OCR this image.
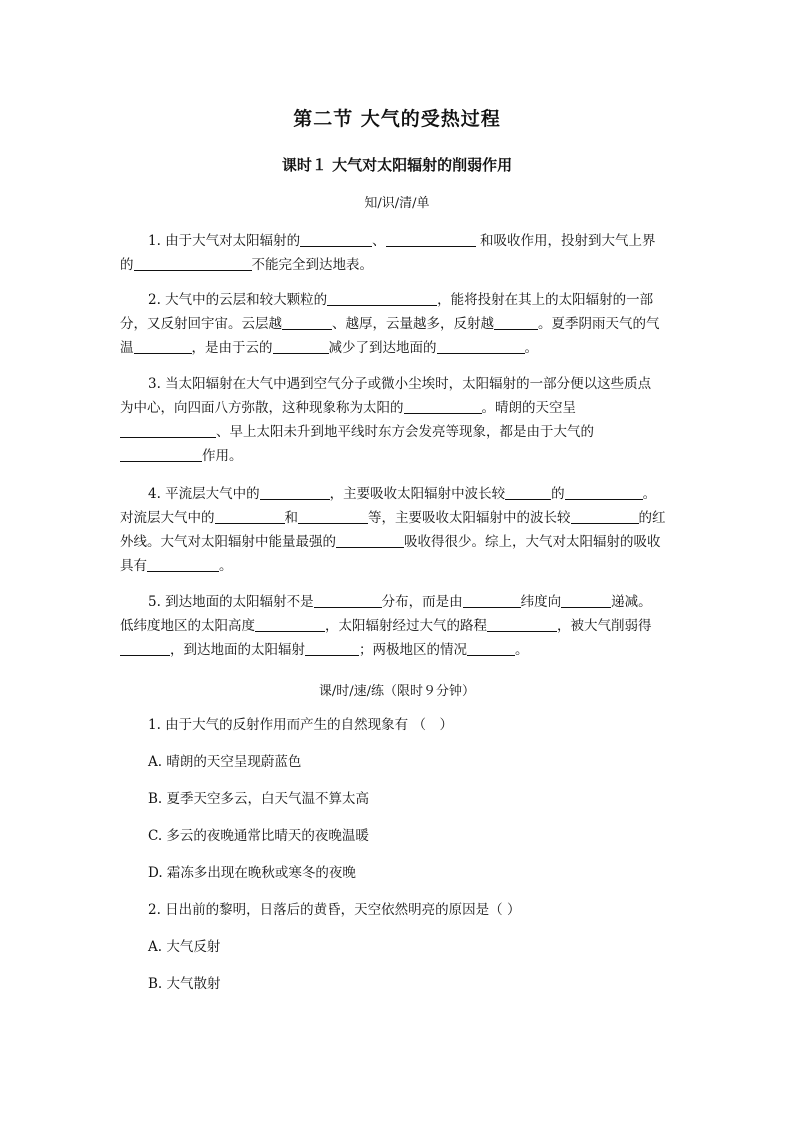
第二节 大气的受热过程
课时１ 大气对太阳辐射的削弱作用
知/识/清/单
1. 由于大气对太阳辐射的	、	和吸收作用，投射到大气上界
的	不能完全到达地表。
2. 大气中的云层和较大颗粒的	，能将投射在其上的太阳辐射的一部
分，又反射回宇宙。云层越	、越厚，云量越多，反射越	。夏季阴雨天气的气
温	，是由于云的	减少了到达地面的	。
3. 当太阳辐射在大气中遇到空气分子或微小尘埃时，太阳辐射的一部分便以这些质点
为中心，向四面八方弥散，这种现象称为太阳的	。晴朗的天空呈
、早上太阳未升到地平线时东方会发亮等现象，都是由于大气的
作用。
4. 平流层大气中的	，主要吸收太阳辐射中波长较	的	。
对流层大气中的	和	等，主要吸收太阳辐射中的波长较	的红
外线。大气对太阳辐射中能量最强的	吸收得很少。综上，大气对太阳辐射的吸收
具有	。
5. 到达地面的太阳辐射不是	分布，而是由	纬度向	递减。
低纬度地区的太阳高度	，太阳辐射经过大气的路程	，被大气削弱得
，到达地面的太阳辐射	；两极地区的情况	。
课/时/速/练（限时９分钟）
1. 由于大气的反射作用而产生的自然现象有 （　）
A. 晴朗的天空呈现蔚蓝色
B. 夏季天空多云，白天气温不算太高
C. 多云的夜晚通常比晴天的夜晚温暖
D. 霜冻多出现在晚秋或寒冬的夜晚
2. 日出前的黎明，日落后的黄昏，天空依然明亮的原因是（ ）
A. 大气反射
B. 大气散射
